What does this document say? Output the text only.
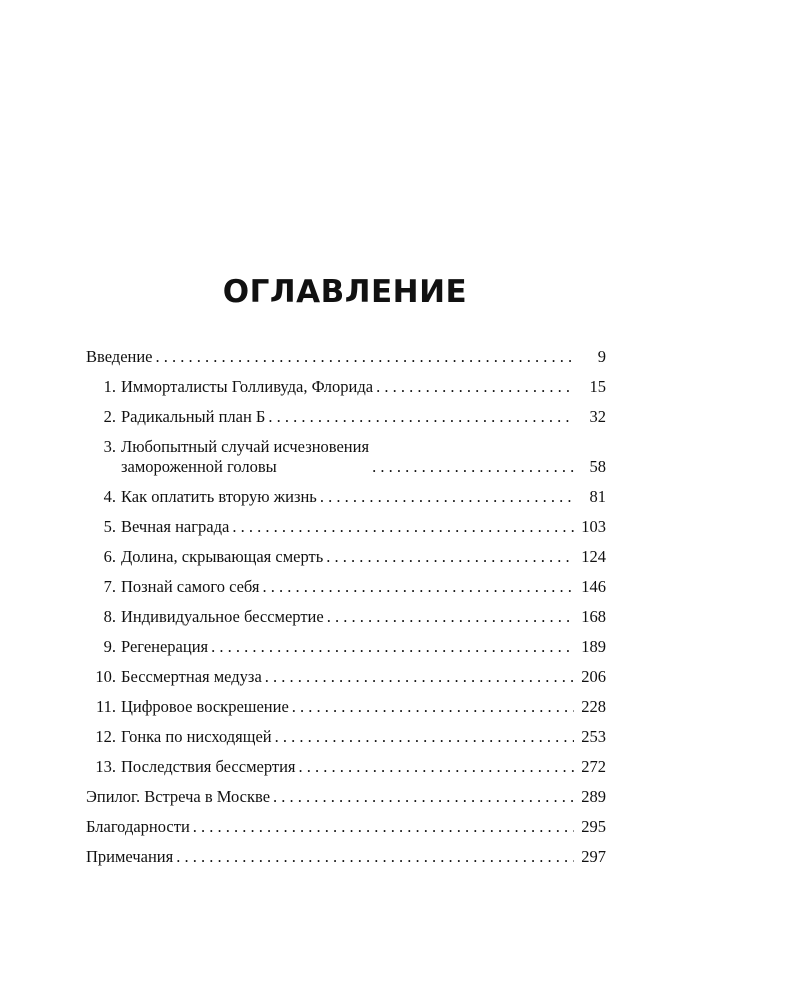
ОГЛАВЛЕНИЕ
Введение . . .	9
1. Имморталисты Голливуда, Флорида . . .	15
2. Радикальный план Б . . .	32
3. Любопытный случай исчезновения
замороженной головы . . .	58
4. Как оплатить вторую жизнь . . .	81
5. Вечная награда . . .	103
6. Долина, скрывающая смерть . . .	124
7. Познай самого себя . . .	146
8. Индивидуальное бессмертие . . .	168
9. Регенерация . . .	189
10. Бессмертная медуза . . .	206
11. Цифровое воскрешение . . .	228
12. Гонка по нисходящей . . .	253
13. Последствия бессмертия . . .	272
Эпилог. Встреча в Москве . . .	289
Благодарности . . .	295
Примечания . . .	297
